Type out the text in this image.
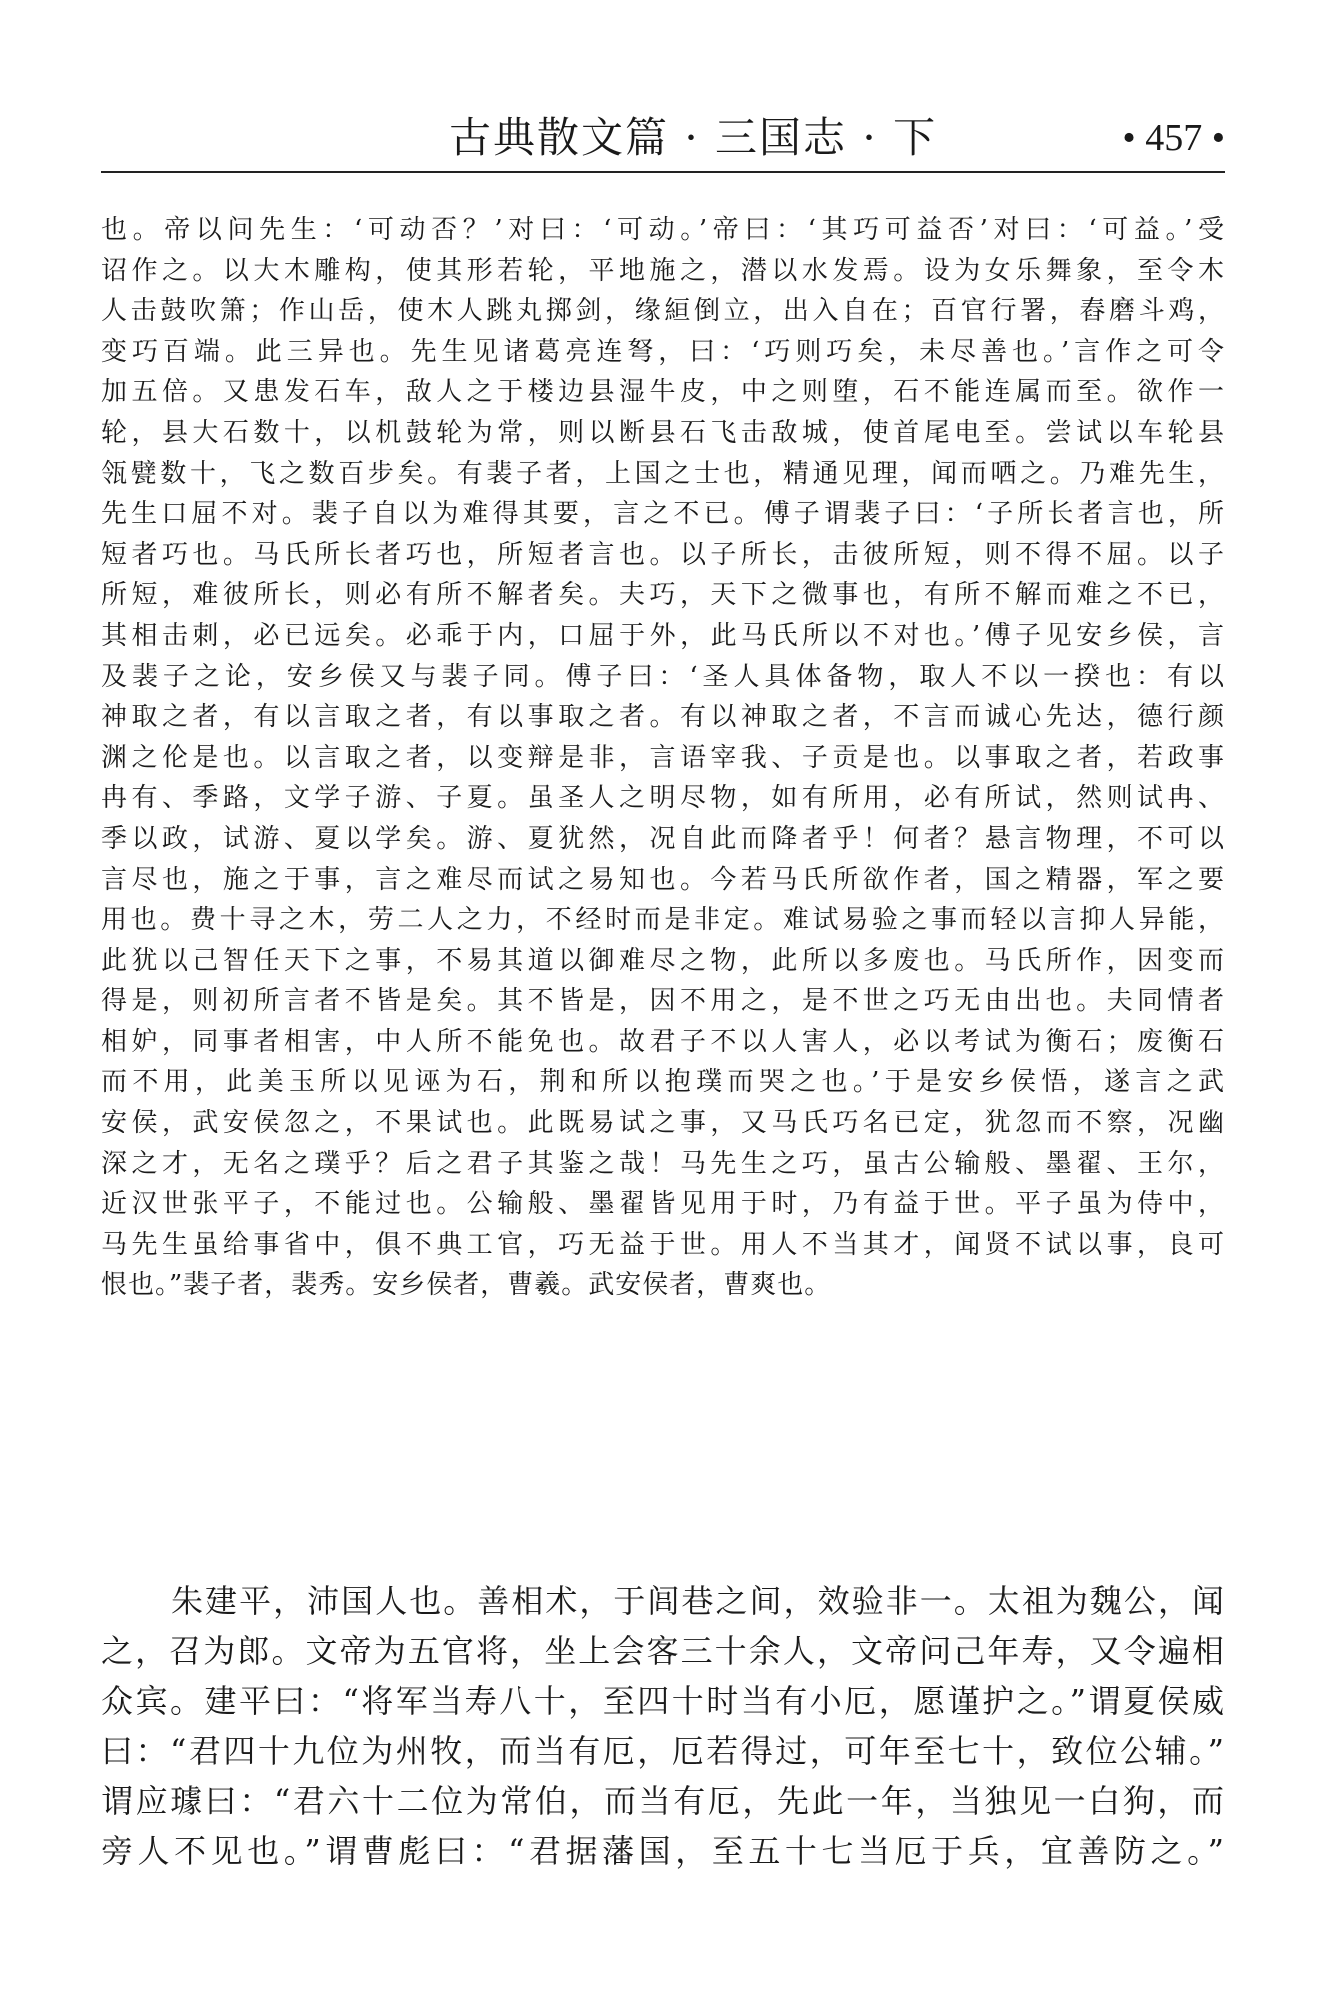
古典散文篇 · 三国志 · 下	• 457 •
也。帝以问先生：‘可动否？’对曰：‘可动。’帝曰：‘其巧可益否’对曰：‘可益。’受
诏作之。以大木雕构，使其形若轮，平地施之，潜以水发焉。设为女乐舞象，至令木
人击鼓吹箫；作山岳，使木人跳丸掷剑，缘絙倒立，出入自在；百官行署，舂磨斗鸡，
变巧百端。此三异也。先生见诸葛亮连弩，曰：‘巧则巧矣，未尽善也。’言作之可令
加五倍。又患发石车，敌人之于楼边县湿牛皮，中之则堕，石不能连属而至。欲作一
轮，县大石数十，以机鼓轮为常，则以断县石飞击敌城，使首尾电至。尝试以车轮县
瓴甓数十，飞之数百步矣。有裴子者，上国之士也，精通见理，闻而哂之。乃难先生，
先生口屈不对。裴子自以为难得其要，言之不已。傅子谓裴子曰：‘子所长者言也，所
短者巧也。马氏所长者巧也，所短者言也。以子所长，击彼所短，则不得不屈。以子
所短，难彼所长，则必有所不解者矣。夫巧，天下之微事也，有所不解而难之不已，
其相击刺，必已远矣。必乖于内，口屈于外，此马氏所以不对也。’傅子见安乡侯，言
及裴子之论，安乡侯又与裴子同。傅子曰：‘圣人具体备物，取人不以一揆也：有以
神取之者，有以言取之者，有以事取之者。有以神取之者，不言而诚心先达，德行颜
渊之伦是也。以言取之者，以变辩是非，言语宰我、子贡是也。以事取之者，若政事
冉有、季路，文学子游、子夏。虽圣人之明尽物，如有所用，必有所试，然则试冉、
季以政，试游、夏以学矣。游、夏犹然，况自此而降者乎！何者？悬言物理，不可以
言尽也，施之于事，言之难尽而试之易知也。今若马氏所欲作者，国之精器，军之要
用也。费十寻之木，劳二人之力，不经时而是非定。难试易验之事而轻以言抑人异能，
此犹以己智任天下之事，不易其道以御难尽之物，此所以多废也。马氏所作，因变而
得是，则初所言者不皆是矣。其不皆是，因不用之，是不世之巧无由出也。夫同情者
相妒，同事者相害，中人所不能免也。故君子不以人害人，必以考试为衡石；废衡石
而不用，此美玉所以见诬为石，荆和所以抱璞而哭之也。’于是安乡侯悟，遂言之武
安侯，武安侯忽之，不果试也。此既易试之事，又马氏巧名已定，犹忽而不察，况幽
深之才，无名之璞乎？后之君子其鉴之哉！马先生之巧，虽古公输般、墨翟、王尔，
近汉世张平子，不能过也。公输般、墨翟皆见用于时，乃有益于世。平子虽为侍中，
马先生虽给事省中，俱不典工官，巧无益于世。用人不当其才，闻贤不试以事，良可
恨也。”裴子者，裴秀。安乡侯者，曹羲。武安侯者，曹爽也。
朱建平，沛国人也。善相术，于闾巷之间，效验非一。太祖为魏公，闻
之，召为郎。文帝为五官将，坐上会客三十余人，文帝问己年寿，又令遍相
众宾。建平曰：“将军当寿八十，至四十时当有小厄，愿谨护之。”谓夏侯威
曰：“君四十九位为州牧，而当有厄，厄若得过，可年至七十，致位公辅。”
谓应璩曰：“君六十二位为常伯，而当有厄，先此一年，当独见一白狗，而
旁人不见也。”谓曹彪曰：“君据藩国，至五十七当厄于兵，宜善防之。”
